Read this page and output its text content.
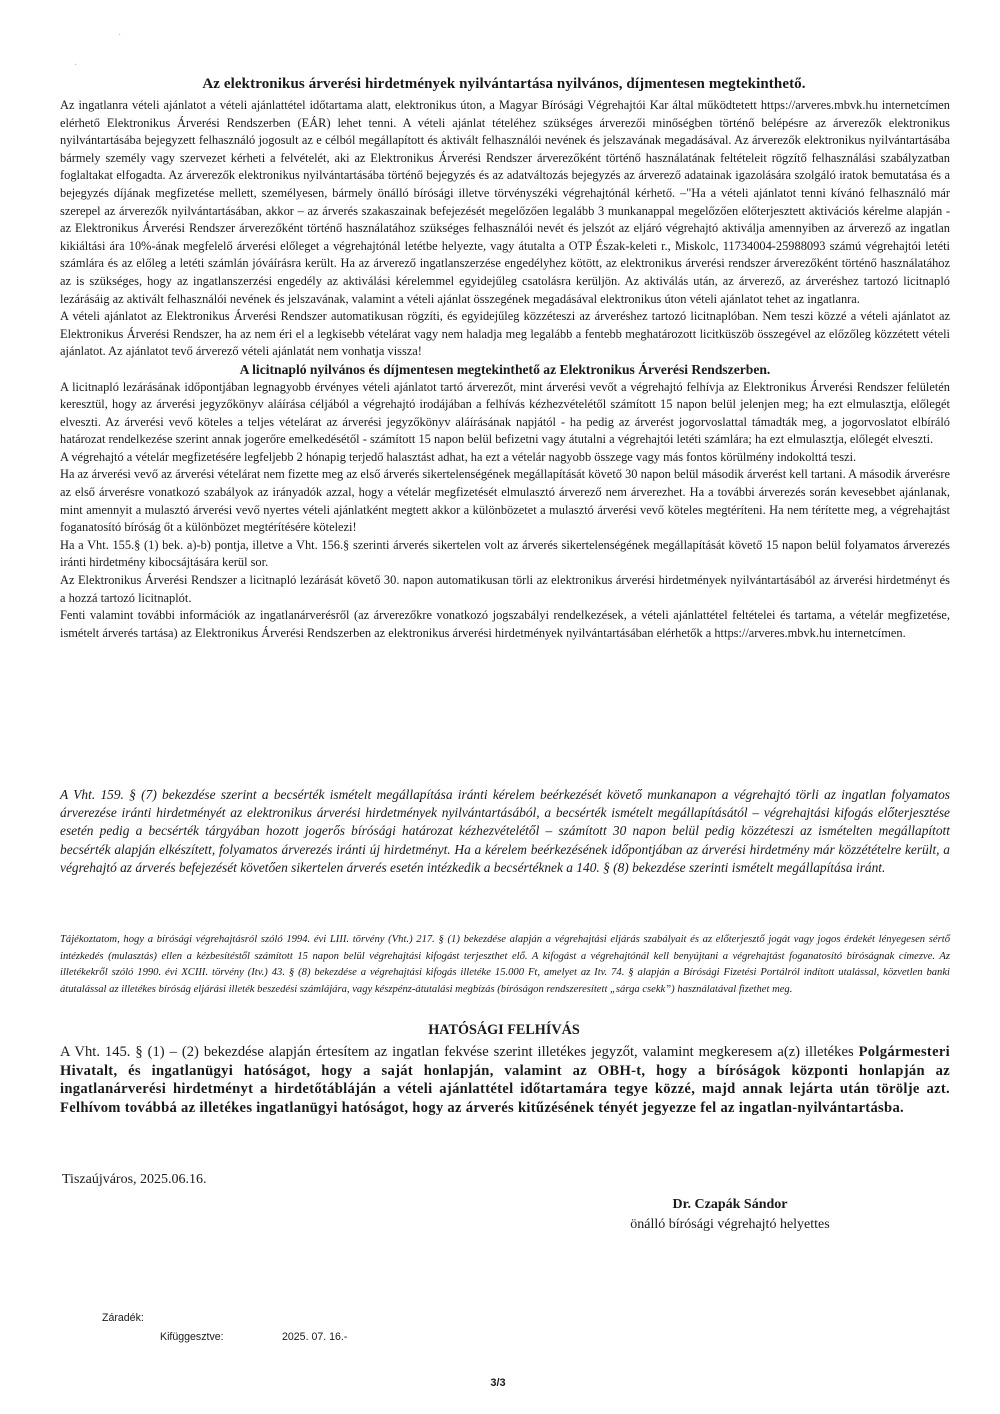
·
·
Az elektronikus árverési hirdetmények nyilvántartása nyilvános, díjmentesen megtekinthető.

Az ingatlanra vételi ajánlatot a vételi ajánlattétel időtartama alatt, elektronikus úton, a Magyar Bírósági Végrehajtói Kar által működtetett https://arveres.mbvk.hu internetcímen elérhető Elektronikus Árverési Rendszerben (EÁR) lehet tenni. A vételi ajánlat tételéhez szükséges árverezői minőségben történő belépésre az árverezők elektronikus nyilvántartásába bejegyzett felhasználó jogosult az e célból megállapított és aktivált felhasználói nevének és jelszavának megadásával. Az árverezők elektronikus nyilvántartásába bármely személy vagy szervezet kérheti a felvételét, aki az Elektronikus Árverési Rendszer árverezőként történő használatának feltételeit rögzítő felhasználási szabályzatban foglaltakat elfogadta. Az árverezők elektronikus nyilvántartásába történő bejegyzés és az adatváltozás bejegyzés az árverező adatainak igazolására szolgáló iratok bemutatása és a bejegyzés díjának megfizetése mellett, személyesen, bármely önálló bírósági illetve törvényszéki végrehajtónál kérhető. –"Ha a vételi ajánlatot tenni kívánó felhasználó már szerepel az árverezők nyilvántartásában, akkor – az árverés szakaszainak befejezését megelőzően legalább 3 munkanappal megelőzően előterjesztett aktivációs kérelme alapján - az Elektronikus Árverési Rendszer árverezőként történő használatához szükséges felhasználói nevét és jelszót az eljáró végrehajtó aktiválja amennyiben az árverező az ingatlan kikiáltási ára 10%-ának megfelelő árverési előleget a végrehajtónál letétbe helyezte, vagy átutalta a OTP Észak-keleti r., Miskolc, 11734004-25988093 számú végrehajtói letéti számlára és az előleg a letéti számlán jóváírásra került. Ha az árverező ingatlanszerzése engedélyhez kötött, az elektronikus árverési rendszer árverezőként történő használatához az is szükséges, hogy az ingatlanszerzési engedély az aktiválási kérelemmel egyidejűleg csatolásra kerüljön. Az aktiválás után, az árverező, az árveréshez tartozó licitnapló lezárásáig az aktivált felhasználói nevének és jelszavának, valamint a vételi ajánlat összegének megadásával elektronikus úton vételi ajánlatot tehet az ingatlanra.

A vételi ajánlatot az Elektronikus Árverési Rendszer automatikusan rögzíti, és egyidejűleg közzéteszi az árveréshez tartozó licitnaplóban. Nem teszi közzé a vételi ajánlatot az Elektronikus Árverési Rendszer, ha az nem éri el a legkisebb vételárat vagy nem haladja meg legalább a fentebb meghatározott licitküszöb összegével az előzőleg közzétett vételi ajánlatot. Az ajánlatot tevő árverező vételi ajánlatát nem vonhatja vissza!

A licitnapló nyilvános és díjmentesen megtekinthető az Elektronikus Árverési Rendszerben.

A licitnapló lezárásának időpontjában legnagyobb érvényes vételi ajánlatot tartó árverezőt, mint árverési vevőt a végrehajtó felhívja az Elektronikus Árverési Rendszer felületén keresztül, hogy az árverési jegyzőkönyv aláírása céljából a végrehajtó irodájában a felhívás kézhezvételétől számított 15 napon belül jelenjen meg; ha ezt elmulasztja, előlegét elveszti. Az árverési vevő köteles a teljes vételárat az árverési jegyzőkönyv aláírásának napjától - ha pedig az árverést jogorvoslattal támadták meg, a jogorvoslatot elbíráló határozat rendelkezése szerint annak jogerőre emelkedésétől - számított 15 napon belül befizetni vagy átutalni a végrehajtói letéti számlára; ha ezt elmulasztja, előlegét elveszti.

A végrehajtó a vételár megfizetésére legfeljebb 2 hónapig terjedő halasztást adhat, ha ezt a vételár nagyobb összege vagy más fontos körülmény indokolttá teszi.

Ha az árverési vevő az árverési vételárat nem fizette meg az első árverés sikertelenségének megállapítását követő 30 napon belül második árverést kell tartani. A második árverésre az első árverésre vonatkozó szabályok az irányadók azzal, hogy a vételár megfizetését elmulasztó árverező nem árverezhet. Ha a további árverezés során kevesebbet ajánlanak, mint amennyit a mulasztó árverési vevő nyertes vételi ajánlatként megtett akkor a különbözetet a mulasztó árverési vevő köteles megtéríteni. Ha nem térítette meg, a végrehajtást foganatosító bíróság őt a különbözet megtérítésére kötelezi!

Ha a Vht. 155.§ (1) bek. a)-b) pontja, illetve a Vht. 156.§ szerinti árverés sikertelen volt az árverés sikertelenségének megállapítását követő 15 napon belül folyamatos árverezés iránti hirdetmény kibocsájtására kerül sor.

Az Elektronikus Árverési Rendszer a licitnapló lezárását követő 30. napon automatikusan törli az elektronikus árverési hirdetmények nyilvántartásából az árverési hirdetményt és a hozzá tartozó licitnaplót.

Fenti valamint további információk az ingatlanárverésről (az árverezőkre vonatkozó jogszabályi rendelkezések, a vételi ajánlattétel feltételei és tartama, a vételár megfizetése, ismételt árverés tartása) az Elektronikus Árverési Rendszerben az elektronikus árverési hirdetmények nyilvántartásában elérhetők a https://arveres.mbvk.hu internetcímen.

A Vht. 159. § (7) bekezdése szerint a becsérték ismételt megállapítása iránti kérelem beérkezését követő munkanapon a végrehajtó törli az ingatlan folyamatos árverezése iránti hirdetményét az elektronikus árverési hirdetmények nyilvántartásából, a becsérték ismételt megállapításától – végrehajtási kifogás előterjesztése esetén pedig a becsérték tárgyában hozott jogerős bírósági határozat kézhezvételétől – számított 30 napon belül pedig közzéteszi az ismételten megállapított becsérték alapján elkészített, folyamatos árverezés iránti új hirdetményt. Ha a kérelem beérkezésének időpontjában az árverési hirdetmény már közzétételre került, a végrehajtó az árverés befejezését követően sikertelen árverés esetén intézkedik a becsértéknek a 140. § (8) bekezdése szerinti ismételt megállapítása iránt.

Tájékoztatom, hogy a bírósági végrehajtásról szóló 1994. évi LIII. törvény (Vht.) 217. § (1) bekezdése alapján a végrehajtási eljárás szabályait és az előterjesztő jogát vagy jogos érdekét lényegesen sértő intézkedés (mulasztás) ellen a kézbesítéstől számított 15 napon belül végrehajtási kifogást terjeszthet elő. A kifogást a végrehajtónál kell benyújtani a végrehajtást foganatosító bíróságnak címezve. Az illetékekről szóló 1990. évi XCIII. törvény (Itv.) 43. § (8) bekezdése a végrehajtási kifogás illetéke 15.000 Ft, amelyet az Itv. 74. § alapján a Bírósági Fizetési Portálról indított utalással, közvetlen banki átutalással az illetékes bíróság eljárási illeték beszedési számlájára, vagy készpénz-átutalási megbízás (bíróságon rendszeresített „sárga csekk”) használatával fizethet meg.

HATÓSÁGI FELHÍVÁS

A Vht. 145. § (1) – (2) bekezdése alapján értesítem az ingatlan fekvése szerint illetékes jegyzőt, valamint megkeresem a(z) illetékes Polgármesteri Hivatalt, és ingatlanügyi hatóságot, hogy a saját honlapján, valamint az OBH-t, hogy a bíróságok központi honlapján az ingatlanárverési hirdetményt a hirdetőtábláján a vételi ajánlattétel időtartamára tegye közzé, majd annak lejárta után törölje azt. Felhívom továbbá az illetékes ingatlanügyi hatóságot, hogy az árverés kitűzésének tényét jegyezze fel az ingatlan-nyilvántartásba.

Tiszaújváros, 2025.06.16.
Dr. Czapák Sándor
önálló bírósági végrehajtó helyettes
Záradék:
Kifüggesztve:	2025. 07. 16.-
3/3
